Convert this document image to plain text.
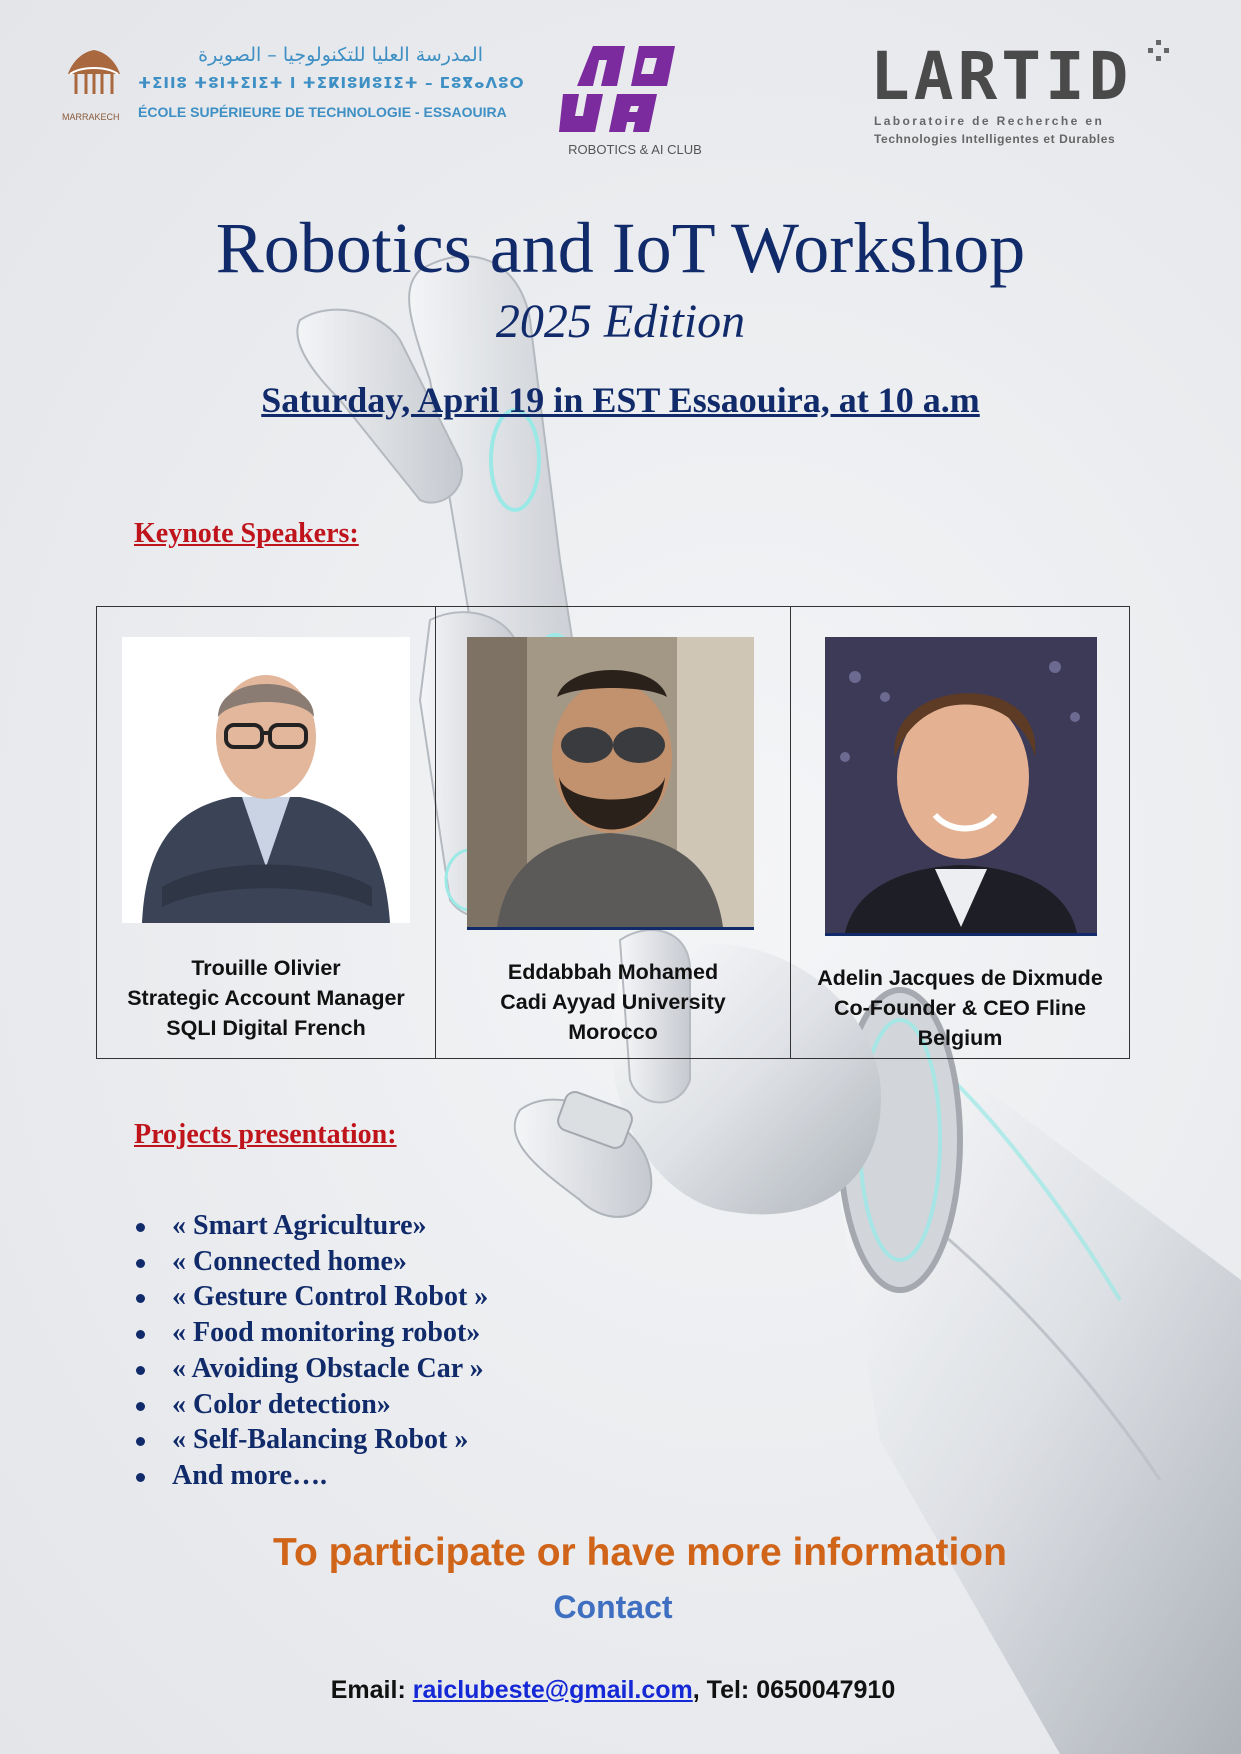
MARRAKECH
المدرسة العليا للتكنولوجيا – الصويرة
ⵜⵉⵏⵏⵓ ⵜⵓⵏⵜⵉⵏⵉⵜ ⵏ ⵜⵉⴽⵏⵓⵍⵓⵊⵉⵜ – ⵎⵓⴳⴰⴷⵓⵔ
ÉCOLE SUPÉRIEURE DE TECHNOLOGIE - ESSAOUIRA
ROBOTICS & AI CLUB
LARTID
Laboratoire de Recherche en
Technologies Intelligentes et Durables
Robotics and IoT Workshop
2025 Edition
Saturday, April 19 in EST Essaouira, at 10 a.m
Keynote Speakers:
Trouille Olivier
Strategic Account Manager
SQLI Digital French
Eddabbah Mohamed
Cadi Ayyad University
Morocco
Adelin Jacques de Dixmude
Co-Founder & CEO Fline
Belgium
Projects presentation:
« Smart Agriculture»
« Connected home»
« Gesture Control Robot »
« Food monitoring robot»
« Avoiding Obstacle Car »
« Color detection»
« Self-Balancing Robot »
And more….
To participate or have more information
Contact
Email: raiclubeste@gmail.com, Tel: 0650047910
